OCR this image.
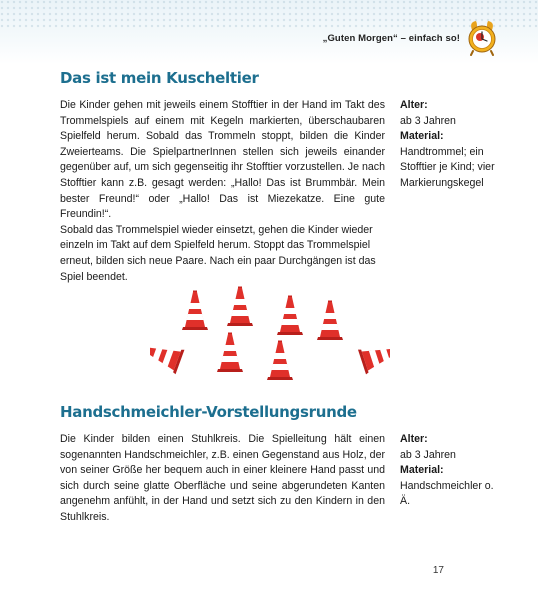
„Guten Morgen“ – einfach so!
Das ist mein Kuscheltier

Die Kinder gehen mit jeweils einem Stofftier in der Hand im Takt des Trommelspiels auf einem mit Kegeln markierten, überschaubaren Spielfeld herum. Sobald das Trommeln stoppt, bilden die Kinder Zweierteams. Die SpielpartnerInnen stellen sich jeweils einander gegenüber auf, um sich gegenseitig ihr Stofftier vorzustellen. Je nach Stofftier kann z.B. gesagt werden: „Hallo! Das ist Brummbär. Mein bester Freund!“ oder „Hallo! Das ist Miezekatze. Eine gute Freundin!“.

Sobald das Trommelspiel wieder einsetzt, gehen die Kinder wieder einzeln im Takt auf dem Spielfeld herum. Stoppt das Trommelspiel erneut, bilden sich neue Paare. Nach ein paar Durchgängen ist das Spiel beendet.

Alter:
ab 3 Jahren
Material:
Handtrommel; ein Stofftier je Kind; vier Markierungskegel
Handschmeichler-Vorstellungsrunde

Die Kinder bilden einen Stuhlkreis. Die Spielleitung hält einen sogenannten Handschmeichler, z.B. einen Gegenstand aus Holz, der von seiner Größe her bequem auch in einer kleinere Hand passt und sich durch seine glatte Oberfläche und seine abgerundeten Kanten angenehm anfühlt, in der Hand und setzt sich zu den Kindern in den Stuhlkreis.

Alter:
ab 3 Jahren
Material:
Handschmeichler o. Ä.
17
